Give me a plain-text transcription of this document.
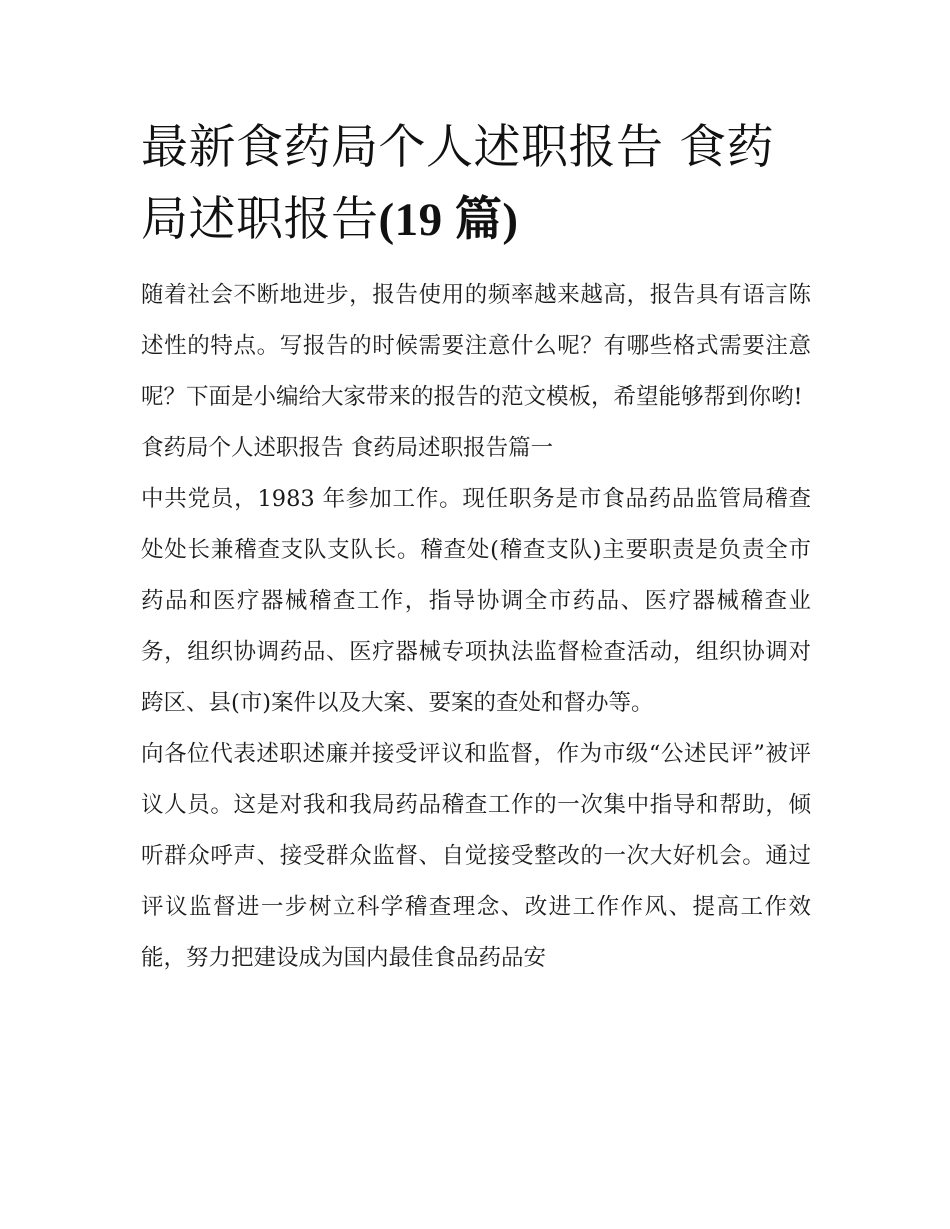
最新食药局个人述职报告 食药局述职报告(19 篇)

随着社会不断地进步，报告使用的频率越来越高，报告具有语言陈述性的特点。写报告的时候需要注意什么呢？有哪些格式需要注意呢？下面是小编给大家带来的报告的范文模板，希望能够帮到你哟!

食药局个人述职报告 食药局述职报告篇一

中共党员，1983 年参加工作。现任职务是市食品药品监管局稽查处处长兼稽查支队支队长。稽查处(稽查支队)主要职责是负责全市药品和医疗器械稽查工作，指导协调全市药品、医疗器械稽查业务，组织协调药品、医疗器械专项执法监督检查活动，组织协调对跨区、县(市)案件以及大案、要案的查处和督办等。

向各位代表述职述廉并接受评议和监督，作为市级“公述民评”被评议人员。这是对我和我局药品稽查工作的一次集中指导和帮助，倾听群众呼声、接受群众监督、自觉接受整改的一次大好机会。通过评议监督进一步树立科学稽查理念、改进工作作风、提高工作效能，努力把建设成为国内最佳食品药品安
